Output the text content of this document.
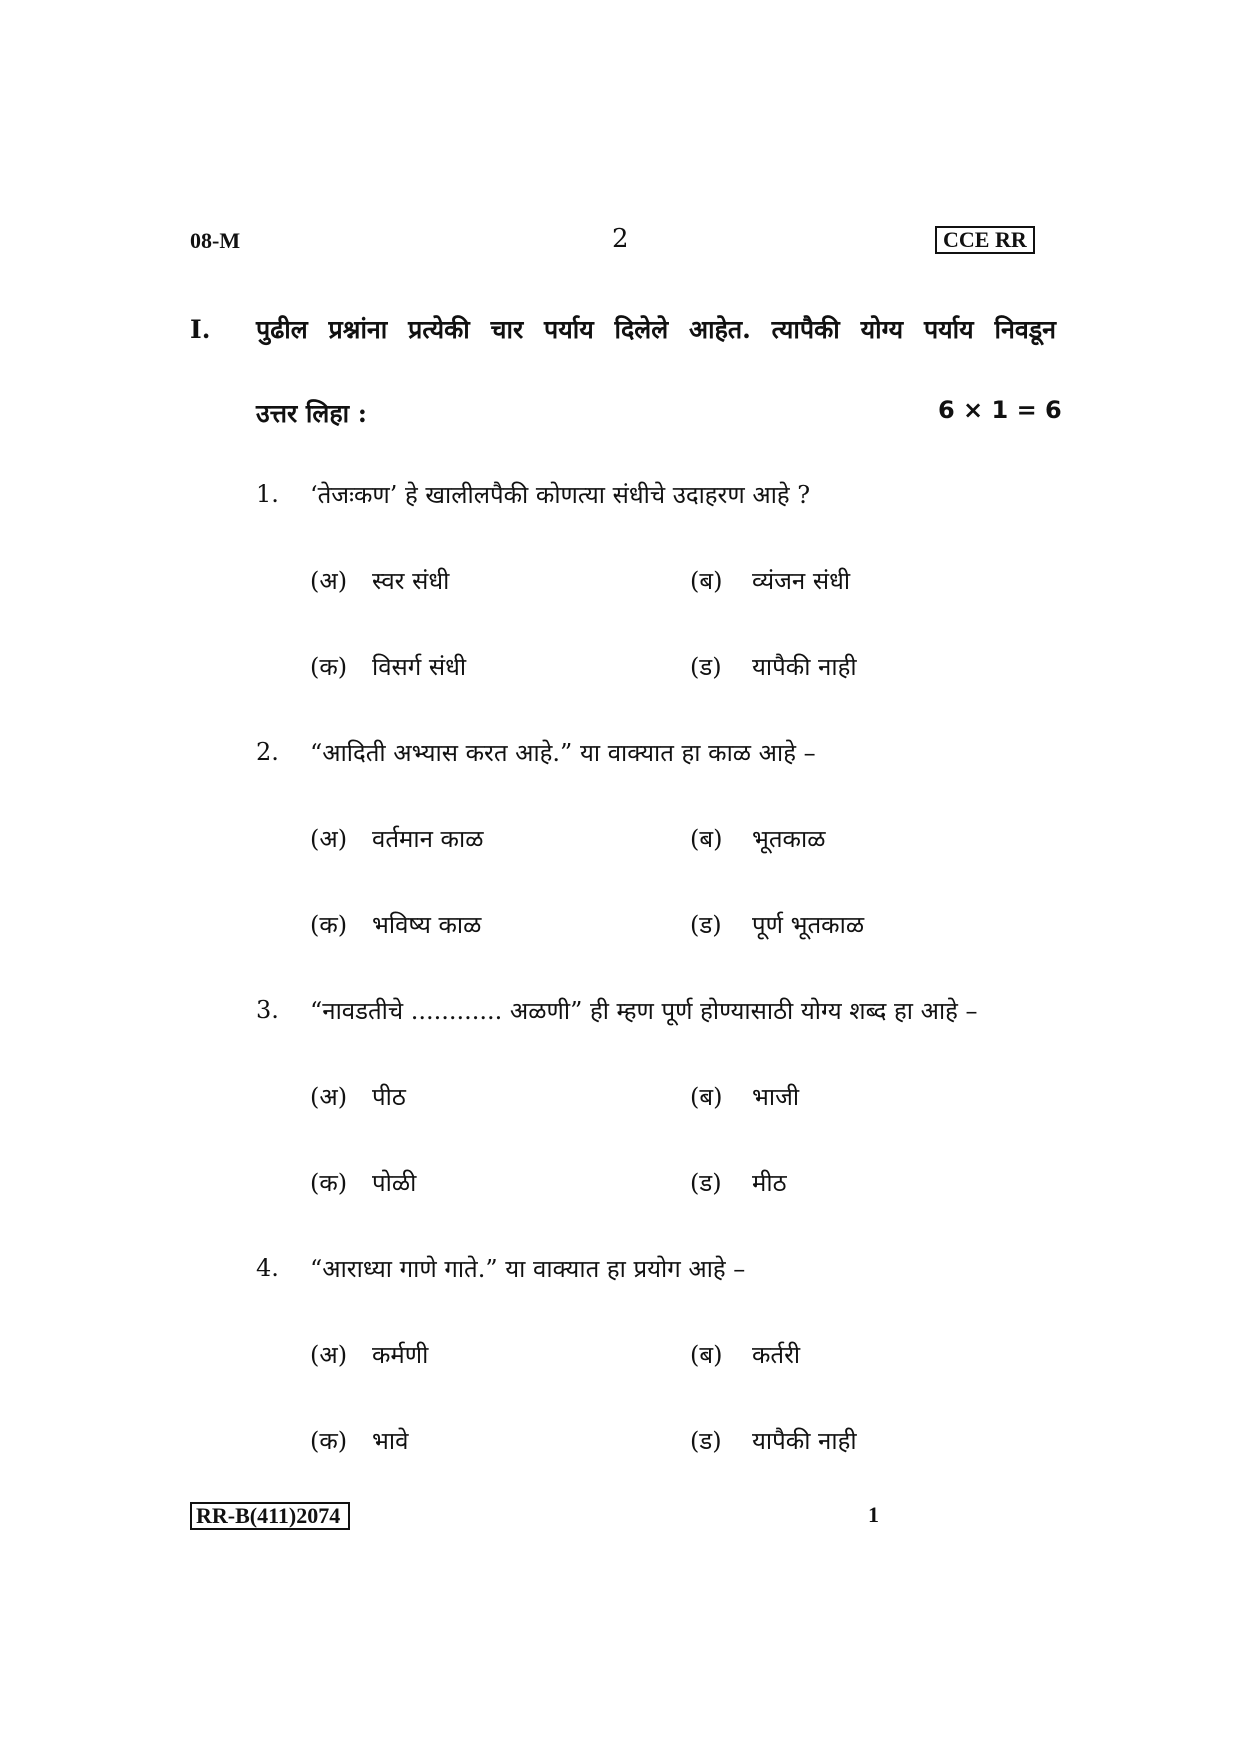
08-M	2	CCE RR
I. पुढील प्रश्नांना प्रत्येकी चार पर्याय दिलेले आहेत. त्यापैकी योग्य पर्याय निवडून
उत्तर लिहा :	6 × 1 = 6
1. ‘तेजःकण’ हे खालीलपैकी कोणत्या संधीचे उदाहरण आहे ?
(अ) स्वर संधी	(ब) व्यंजन संधी
(क) विसर्ग संधी	(ड) यापैकी नाही
2. “आदिती अभ्यास करत आहे.” या वाक्यात हा काळ आहे –
(अ) वर्तमान काळ	(ब) भूतकाळ
(क) भविष्य काळ	(ड) पूर्ण भूतकाळ
3. “नावडतीचे ............ अळणी” ही म्हण पूर्ण होण्यासाठी योग्य शब्द हा आहे –
(अ) पीठ	(ब) भाजी
(क) पोळी	(ड) मीठ
4. “आराध्या गाणे गाते.” या वाक्यात हा प्रयोग आहे –
(अ) कर्मणी	(ब) कर्तरी
(क) भावे	(ड) यापैकी नाही
RR-B(411)2074	1
